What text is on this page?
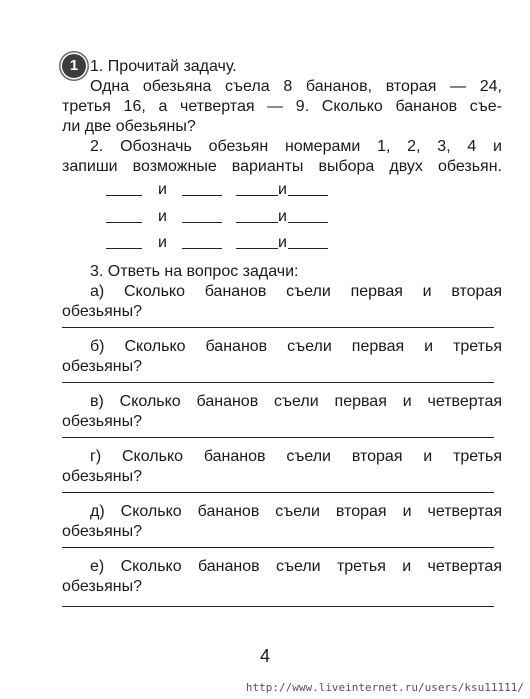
1 1. Прочитай задачу.
Одна обезьяна съела 8 бананов, вторая — 24,
третья 16, а четвертая — 9. Сколько бананов съе-
ли две обезьяны?
2. Обозначь обезьян номерами 1, 2, 3, 4 и
запиши возможные варианты выбора двух обезьян.
и	и
и	и
и	и
3. Ответь на вопрос задачи:
а) Сколько бананов съели первая и вторая
обезьяны?
б) Сколько бананов съели первая и третья
обезьяны?
в) Сколько бананов съели первая и четвертая
обезьяны?
г) Сколько бананов съели вторая и третья
обезьяны?
д) Сколько бананов съели вторая и четвертая
обезьяны?
е) Сколько бананов съели третья и четвертая
обезьяны?
4
http://www.liveinternet.ru/users/ksu11111/
